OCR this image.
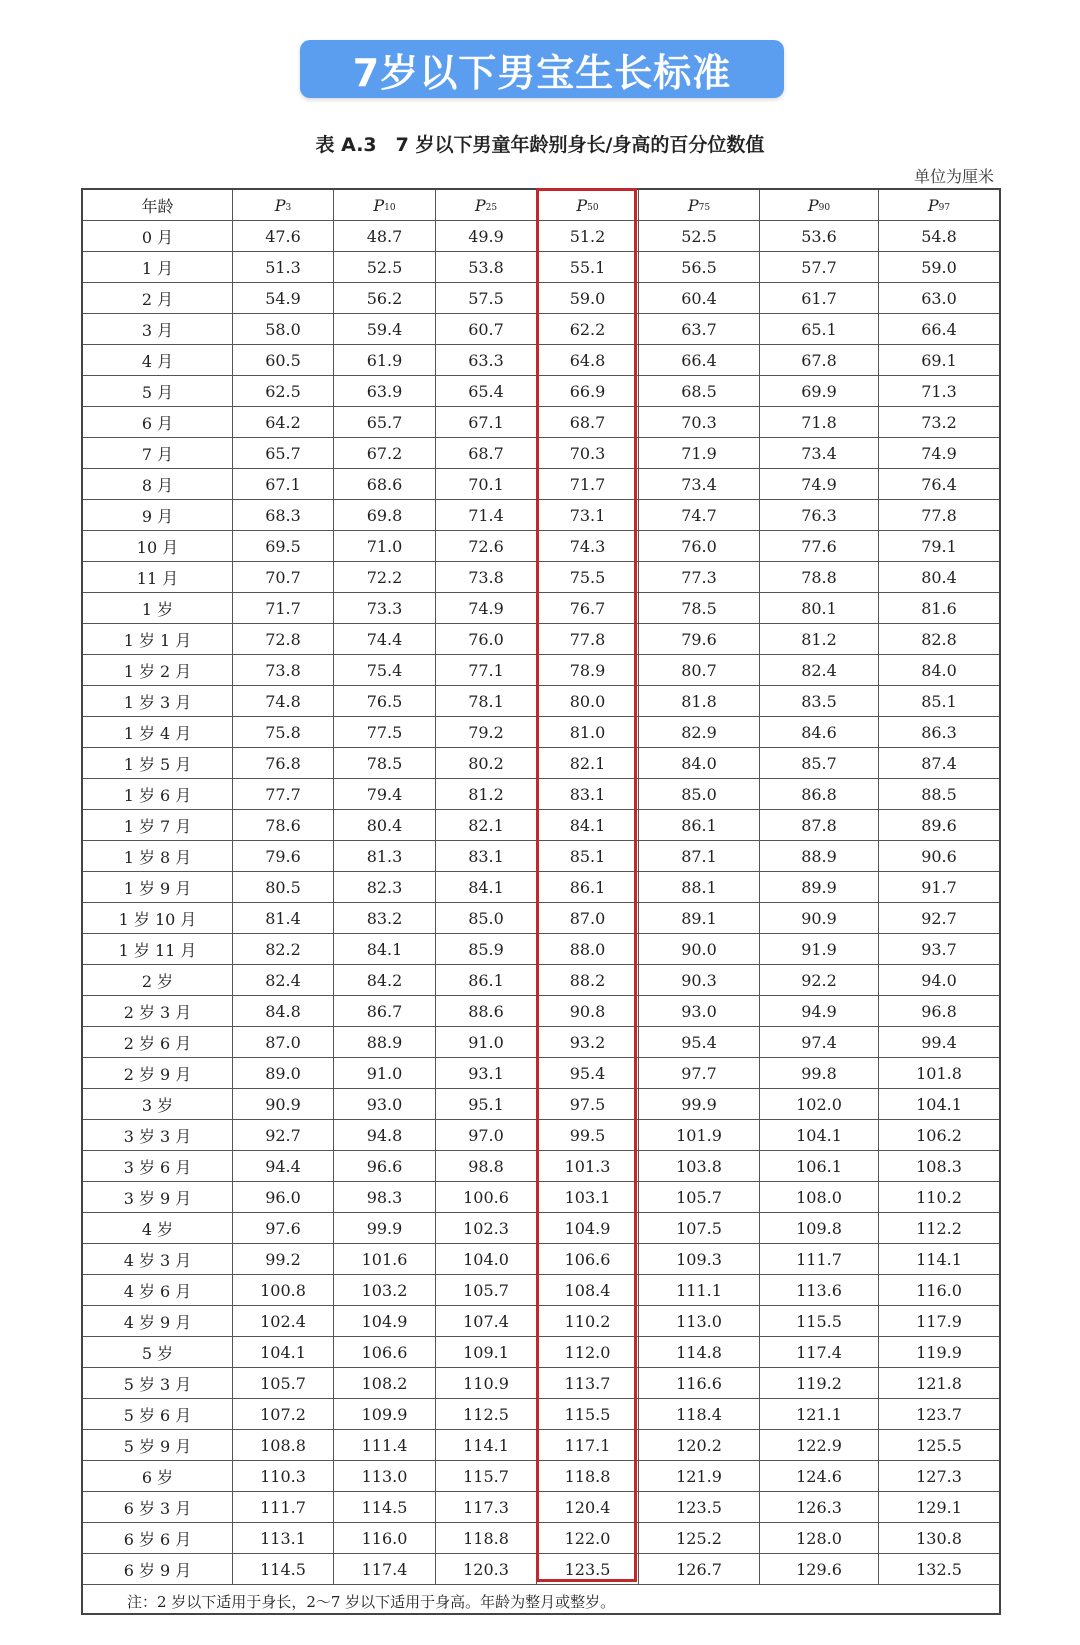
7岁以下男宝生长标准
表 A.3　7 岁以下男童年龄别身长/身高的百分位数值
单位为厘米
年龄	$P_3$	$P_{10}$	$P_{25}$	$P_{50}$	$P_{75}$	$P_{90}$	$P_{97}$
0 月	47.6	48.7	49.9	51.2	52.5	53.6	54.8
1 月	51.3	52.5	53.8	55.1	56.5	57.7	59.0
2 月	54.9	56.2	57.5	59.0	60.4	61.7	63.0
3 月	58.0	59.4	60.7	62.2	63.7	65.1	66.4
4 月	60.5	61.9	63.3	64.8	66.4	67.8	69.1
5 月	62.5	63.9	65.4	66.9	68.5	69.9	71.3
6 月	64.2	65.7	67.1	68.7	70.3	71.8	73.2
7 月	65.7	67.2	68.7	70.3	71.9	73.4	74.9
8 月	67.1	68.6	70.1	71.7	73.4	74.9	76.4
9 月	68.3	69.8	71.4	73.1	74.7	76.3	77.8
10 月	69.5	71.0	72.6	74.3	76.0	77.6	79.1
11 月	70.7	72.2	73.8	75.5	77.3	78.8	80.4
1 岁	71.7	73.3	74.9	76.7	78.5	80.1	81.6
1 岁 1 月	72.8	74.4	76.0	77.8	79.6	81.2	82.8
1 岁 2 月	73.8	75.4	77.1	78.9	80.7	82.4	84.0
1 岁 3 月	74.8	76.5	78.1	80.0	81.8	83.5	85.1
1 岁 4 月	75.8	77.5	79.2	81.0	82.9	84.6	86.3
1 岁 5 月	76.8	78.5	80.2	82.1	84.0	85.7	87.4
1 岁 6 月	77.7	79.4	81.2	83.1	85.0	86.8	88.5
1 岁 7 月	78.6	80.4	82.1	84.1	86.1	87.8	89.6
1 岁 8 月	79.6	81.3	83.1	85.1	87.1	88.9	90.6
1 岁 9 月	80.5	82.3	84.1	86.1	88.1	89.9	91.7
1 岁 10 月	81.4	83.2	85.0	87.0	89.1	90.9	92.7
1 岁 11 月	82.2	84.1	85.9	88.0	90.0	91.9	93.7
2 岁	82.4	84.2	86.1	88.2	90.3	92.2	94.0
2 岁 3 月	84.8	86.7	88.6	90.8	93.0	94.9	96.8
2 岁 6 月	87.0	88.9	91.0	93.2	95.4	97.4	99.4
2 岁 9 月	89.0	91.0	93.1	95.4	97.7	99.8	101.8
3 岁	90.9	93.0	95.1	97.5	99.9	102.0	104.1
3 岁 3 月	92.7	94.8	97.0	99.5	101.9	104.1	106.2
3 岁 6 月	94.4	96.6	98.8	101.3	103.8	106.1	108.3
3 岁 9 月	96.0	98.3	100.6	103.1	105.7	108.0	110.2
4 岁	97.6	99.9	102.3	104.9	107.5	109.8	112.2
4 岁 3 月	99.2	101.6	104.0	106.6	109.3	111.7	114.1
4 岁 6 月	100.8	103.2	105.7	108.4	111.1	113.6	116.0
4 岁 9 月	102.4	104.9	107.4	110.2	113.0	115.5	117.9
5 岁	104.1	106.6	109.1	112.0	114.8	117.4	119.9
5 岁 3 月	105.7	108.2	110.9	113.7	116.6	119.2	121.8
5 岁 6 月	107.2	109.9	112.5	115.5	118.4	121.1	123.7
5 岁 9 月	108.8	111.4	114.1	117.1	120.2	122.9	125.5
6 岁	110.3	113.0	115.7	118.8	121.9	124.6	127.3
6 岁 3 月	111.7	114.5	117.3	120.4	123.5	126.3	129.1
6 岁 6 月	113.1	116.0	118.8	122.0	125.2	128.0	130.8
6 岁 9 月	114.5	117.4	120.3	123.5	126.7	129.6	132.5
注：2 岁以下适用于身长，2～7 岁以下适用于身高。年龄为整月或整岁。
